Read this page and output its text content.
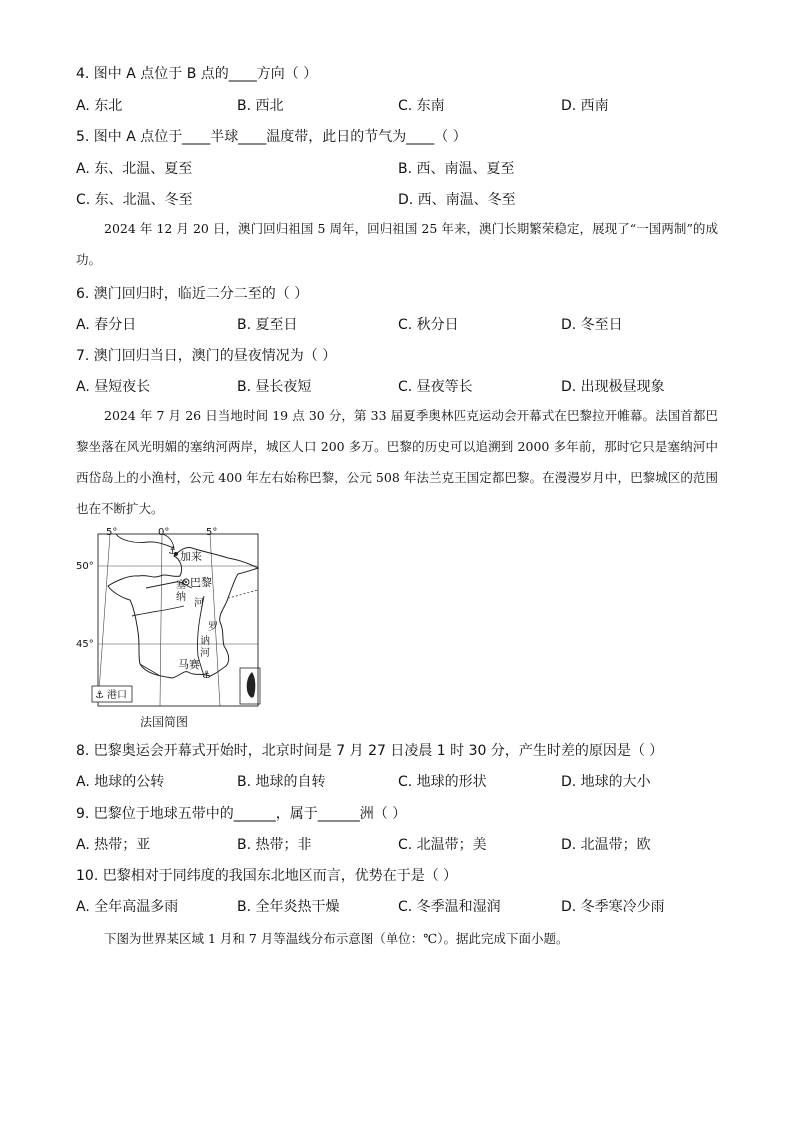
4. 图中 A 点位于 B 点的____方向（ ）
A. 东北	B. 西北	C. 东南	D. 西南
5. 图中 A 点位于____半球____温度带，此日的节气为____（ ）
A. 东、北温、夏至	B. 西、南温、夏至
C. 东、北温、冬至	D. 西、南温、冬至
2024 年 12 月 20 日，澳门回归祖国 5 周年，回归祖国 25 年来，澳门长期繁荣稳定，展现了“一国两制”的成功。
6. 澳门回归时，临近二分二至的（ ）
A. 春分日	B. 夏至日	C. 秋分日	D. 冬至日
7. 澳门回归当日，澳门的昼夜情况为（ ）
A. 昼短夜长	B. 昼长夜短	C. 昼夜等长	D. 出现极昼现象
2024 年 7 月 26 日当地时间 19 点 30 分，第 33 届夏季奥林匹克运动会开幕式在巴黎拉开帷幕。法国首都巴黎坐落在风光明媚的塞纳河两岸，城区人口 200 多万。巴黎的历史可以追溯到 2000 多年前，那时它只是塞纳河中西岱岛上的小渔村，公元 400 年左右始称巴黎，公元 508 年法兰克王国定都巴黎。在漫漫岁月中，巴黎城区的范围也在不断扩大。
⚓
⚓
⚓
5°	0°	5°
50°
45°
加来
巴黎
塞
纳
河
罗
讷
河
马赛
港口
法国简图
8. 巴黎奥运会开幕式开始时，北京时间是 7 月 27 日凌晨 1 时 30 分，产生时差的原因是（ ）
A. 地球的公转	B. 地球的自转	C. 地球的形状	D. 地球的大小
9. 巴黎位于地球五带中的______，属于______洲（ ）
A. 热带；亚	B. 热带；非	C. 北温带；美	D. 北温带；欧
10. 巴黎相对于同纬度的我国东北地区而言，优势在于是（ ）
A. 全年高温多雨	B. 全年炎热干燥	C. 冬季温和湿润	D. 冬季寒冷少雨
下图为世界某区域 1 月和 7 月等温线分布示意图（单位：℃）。据此完成下面小题。
